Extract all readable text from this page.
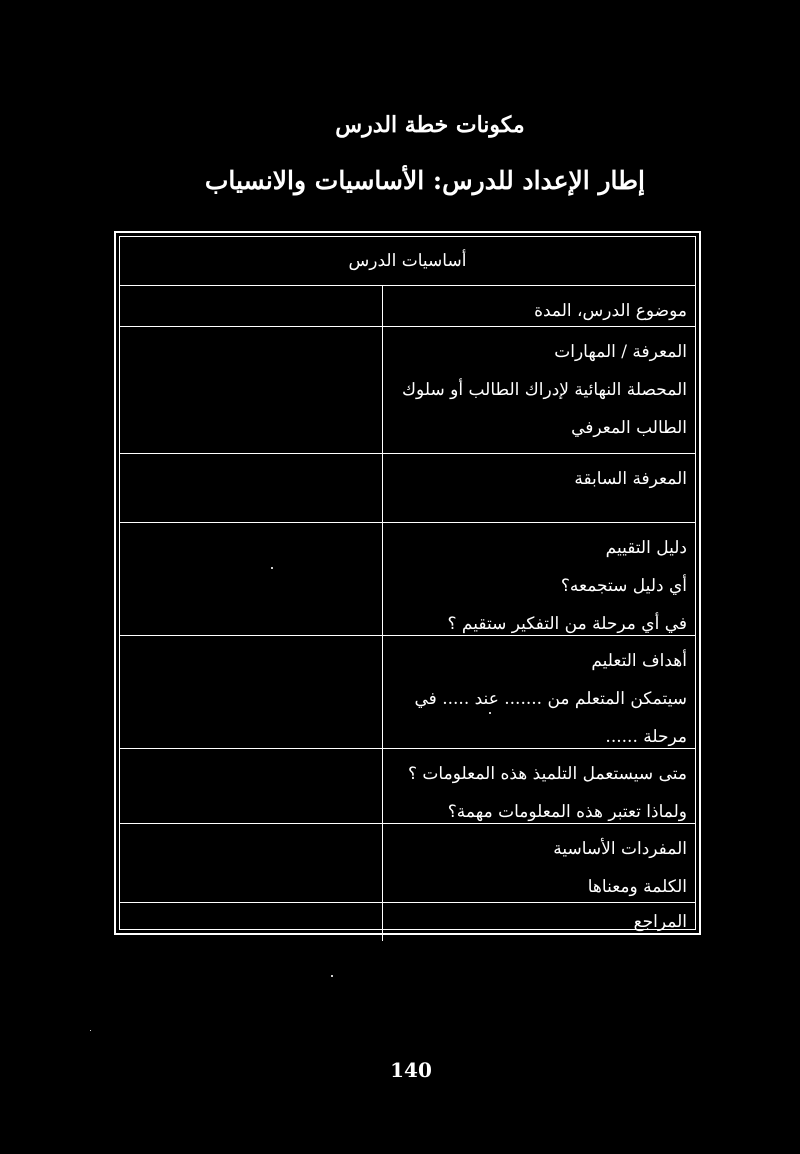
مكونات خطة الدرس
إطار الإعداد للدرس: الأساسيات والانسياب
أساسيات الدرس
موضوع الدرس، المدة
المعرفة / المهارات
المحصلة النهائية لإدراك الطالب أو سلوك
الطالب المعرفي
المعرفة السابقة
دليل التقييم
أي دليل ستجمعه؟
في أي مرحلة من التفكير ستقيم ؟
أهداف التعليم
سيتمكن المتعلم من ....... عند ..... في
مرحلة ......
متى سيستعمل التلميذ هذه المعلومات ؟
ولماذا تعتبر هذه المعلومات مهمة؟
المفردات الأساسية
الكلمة ومعناها
المراجع
140
